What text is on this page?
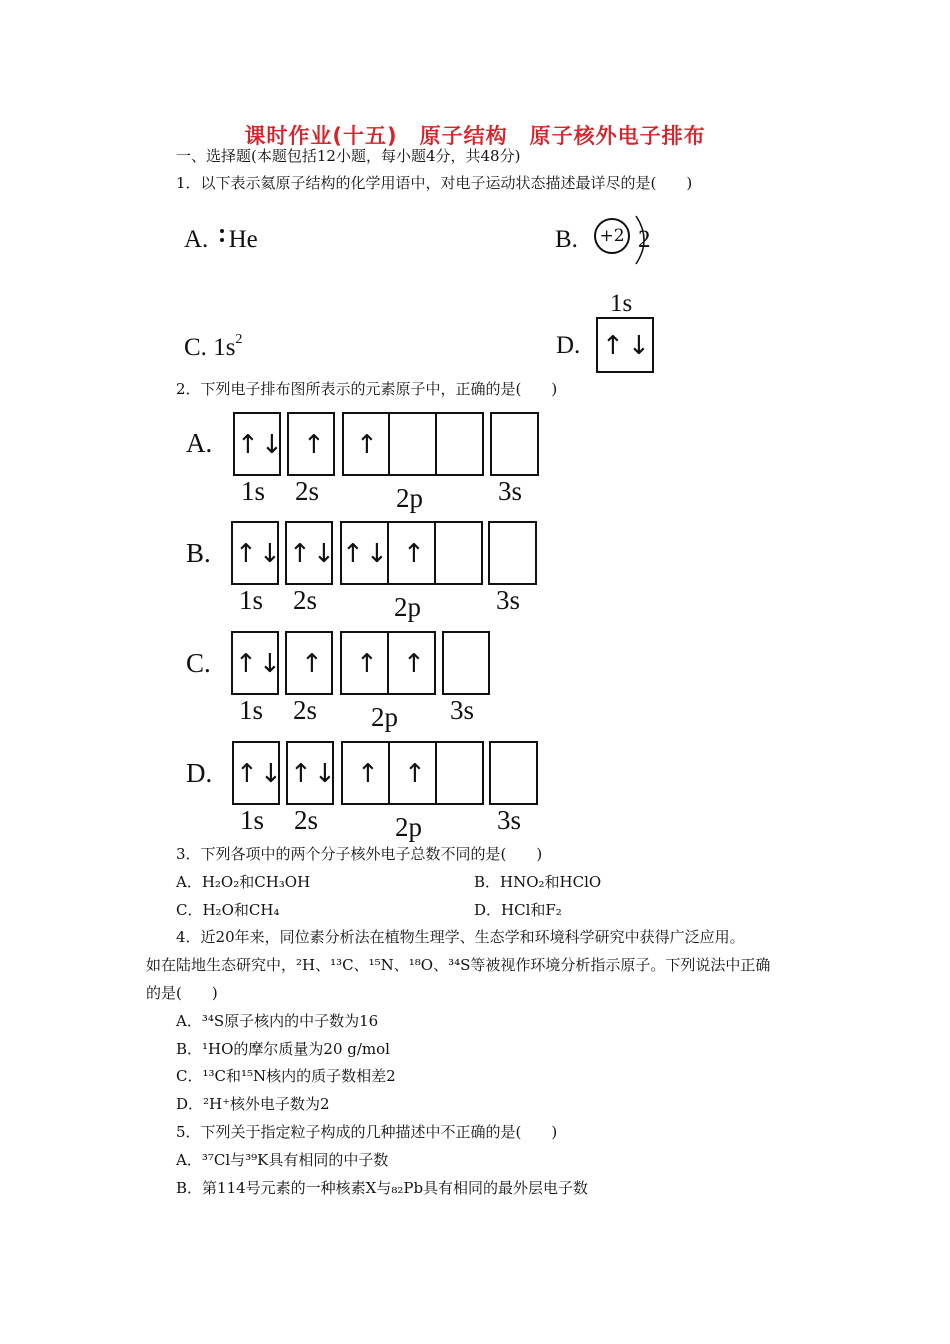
课时作业(十五)　原子结构　原子核外电子排布
一、选择题(本题包括12小题，每小题4分，共48分)
1．以下表示氦原子结构的化学用语中，对电子运动状态描述最详尽的是(　　)
A. He	B.	+2 2
C. $1s^2$	D.
1s
↑ ↓
2．下列电子排布图所表示的元素原子中，正确的是(　　)
A. ↑ ↓ ↑ ↑
1s 2s	2p	3s
B. ↑ ↓ ↑ ↓ ↑ ↓ ↑
1s 2s	2p	3s
C. ↑ ↓ ↑ ↑ ↑
1s 2s 2p 3s
D. ↑ ↓ ↑ ↓ ↑ ↑
1s 2s	2p	3s
3．下列各项中的两个分子核外电子总数不同的是(　　)
A．H₂O₂和CH₃OH	B．HNO₂和HClO
C．H₂O和CH₄	D．HCl和F₂
4．近20年来，同位素分析法在植物生理学、生态学和环境科学研究中获得广泛应用。
如在陆地生态研究中，²H、¹³C、¹⁵N、¹⁸O、³⁴S等被视作环境分析指示原子。下列说法中正确
的是(　　)
A．³⁴S原子核内的中子数为16
B．¹HO的摩尔质量为20 g/mol
C．¹³C和¹⁵N核内的质子数相差2
D．²H⁺核外电子数为2
5．下列关于指定粒子构成的几种描述中不正确的是(　　)
A．³⁷Cl与³⁹K具有相同的中子数
B．第114号元素的一种核素X与₈₂Pb具有相同的最外层电子数
